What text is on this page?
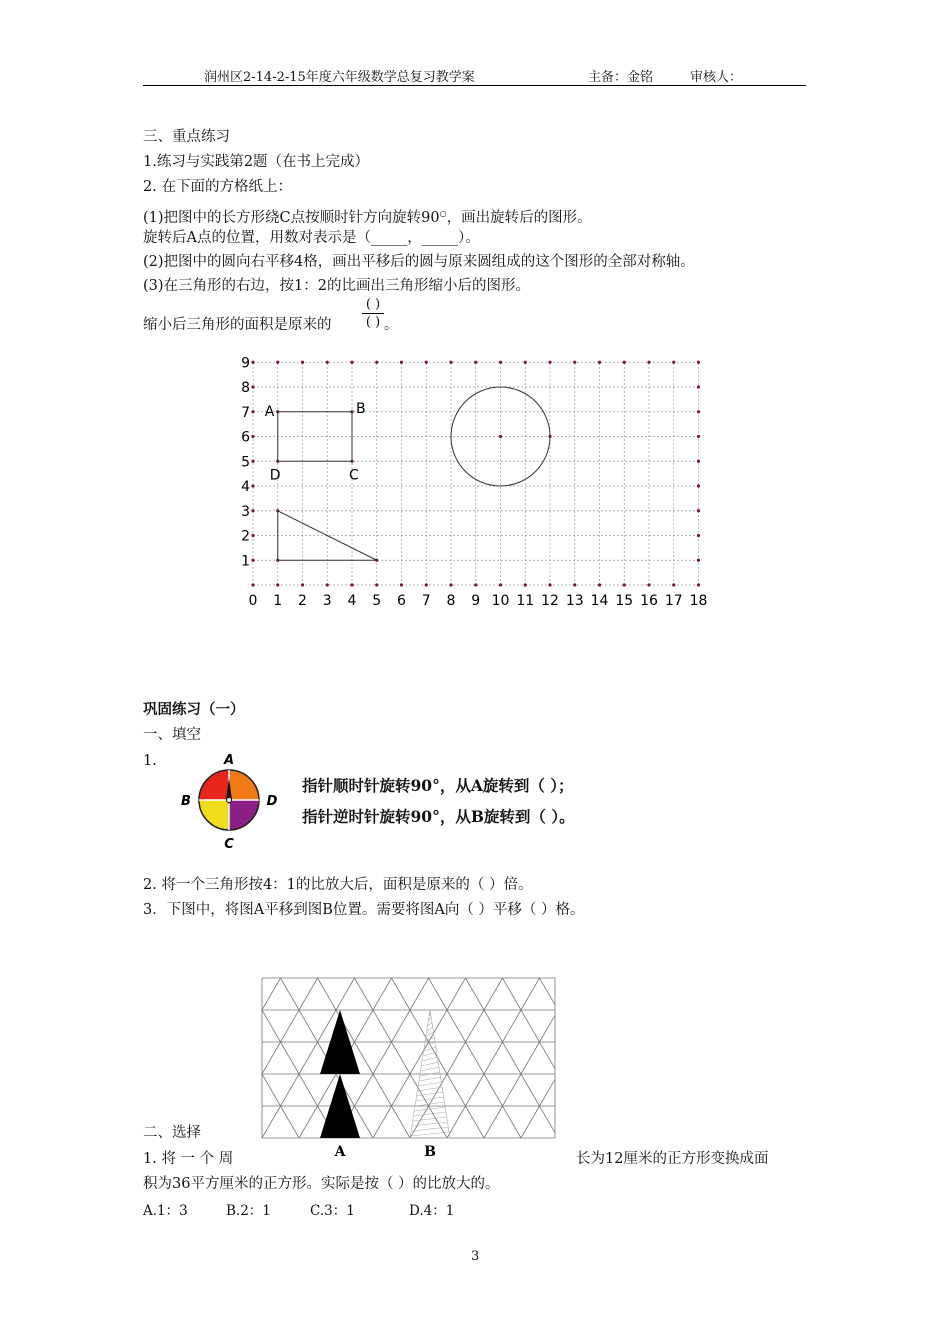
润州区2-14-2-15年度六年级数学总复习教学案	主备：金铭	审核人：
三、重点练习
1.练习与实践第2题（在书上完成）
2. 在下面的方格纸上：
(1)把图中的长方形绕C点按顺时针方向旋转90○，画出旋转后的图形。
旋转后A点的位置，用数对表示是（_____，_____）。
(2)把图中的圆向右平移4格，画出平移后的圆与原来圆组成的这个图形的全部对称轴。
(3)在三角形的右边，按1：2的比画出三角形缩小后的图形。
缩小后三角形的面积是原来的
( )
( ) 。
0 1 2 3 4 5 6 7 8 9 10 11 12 13 14 15 16 17 18
1
2
3
4
5
6
7
8
9
A	B
C
D
巩固练习（一）
一、填空
1.	A
B
C
D
指针顺时针旋转90°，从A旋转到（ ）；
指针逆时针旋转90°，从B旋转到（ ）。
2. 将一个三角形按4：1的比放大后，面积是原来的（ ）倍。
3．下图中，将图A平移到图B位置。需要将图A向（ ）平移（ ）格。
A	B
二、选择
1. 将 一 个 周	长为12厘米的正方形变换成面
积为36平方厘米的正方形。实际是按（ ）的比放大的。
A.1：3	B.2：1	C.3：1	D.4：1
3
